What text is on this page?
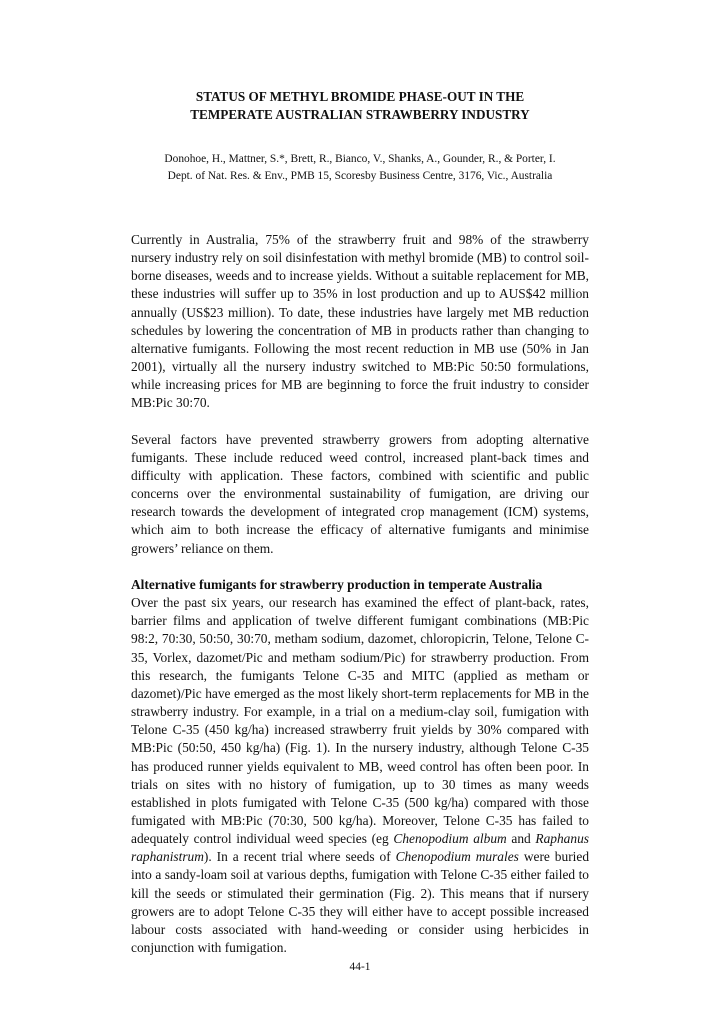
STATUS OF METHYL BROMIDE PHASE-OUT IN THE
TEMPERATE AUSTRALIAN STRAWBERRY INDUSTRY
Donohoe, H., Mattner, S.*, Brett, R., Bianco, V., Shanks, A., Gounder, R., & Porter, I.
Dept. of Nat. Res. & Env., PMB 15, Scoresby Business Centre, 3176, Vic., Australia

Currently in Australia, 75% of the strawberry fruit and 98% of the strawberry nursery industry rely on soil disinfestation with methyl bromide (MB) to control soil-borne diseases, weeds and to increase yields. Without a suitable replacement for MB, these industries will suffer up to 35% in lost production and up to AUS$42 million annually (US$23 million). To date, these industries have largely met MB reduction schedules by lowering the concentration of MB in products rather than changing to alternative fumigants. Following the most recent reduction in MB use (50% in Jan 2001), virtually all the nursery industry switched to MB:Pic 50:50 formulations, while increasing prices for MB are beginning to force the fruit industry to consider MB:Pic 30:70.

Several factors have prevented strawberry growers from adopting alternative fumigants. These include reduced weed control, increased plant-back times and difficulty with application. These factors, combined with scientific and public concerns over the environmental sustainability of fumigation, are driving our research towards the development of integrated crop management (ICM) systems, which aim to both increase the efficacy of alternative fumigants and minimise growers’ reliance on them.

Alternative fumigants for strawberry production in temperate Australia

Over the past six years, our research has examined the effect of plant-back, rates, barrier films and application of twelve different fumigant combinations (MB:Pic 98:2, 70:30, 50:50, 30:70, metham sodium, dazomet, chloropicrin, Telone, Telone C-35, Vorlex, dazomet/Pic and metham sodium/Pic) for strawberry production. From this research, the fumigants Telone C-35 and MITC (applied as metham or dazomet)/Pic have emerged as the most likely short-term replacements for MB in the strawberry industry. For example, in a trial on a medium-clay soil, fumigation with Telone C-35 (450 kg/ha) increased strawberry fruit yields by 30% compared with MB:Pic (50:50, 450 kg/ha) (Fig. 1). In the nursery industry, although Telone C-35 has produced runner yields equivalent to MB, weed control has often been poor. In trials on sites with no history of fumigation, up to 30 times as many weeds established in plots fumigated with Telone C-35 (500 kg/ha) compared with those fumigated with MB:Pic (70:30, 500 kg/ha). Moreover, Telone C-35 has failed to adequately control individual weed species (eg Chenopodium album and Raphanus raphanistrum). In a recent trial where seeds of Chenopodium murales were buried into a sandy-loam soil at various depths, fumigation with Telone C-35 either failed to kill the seeds or stimulated their germination (Fig. 2). This means that if nursery growers are to adopt Telone C-35 they will either have to accept possible increased labour costs associated with hand-weeding or consider using herbicides in conjunction with fumigation.

44-1
